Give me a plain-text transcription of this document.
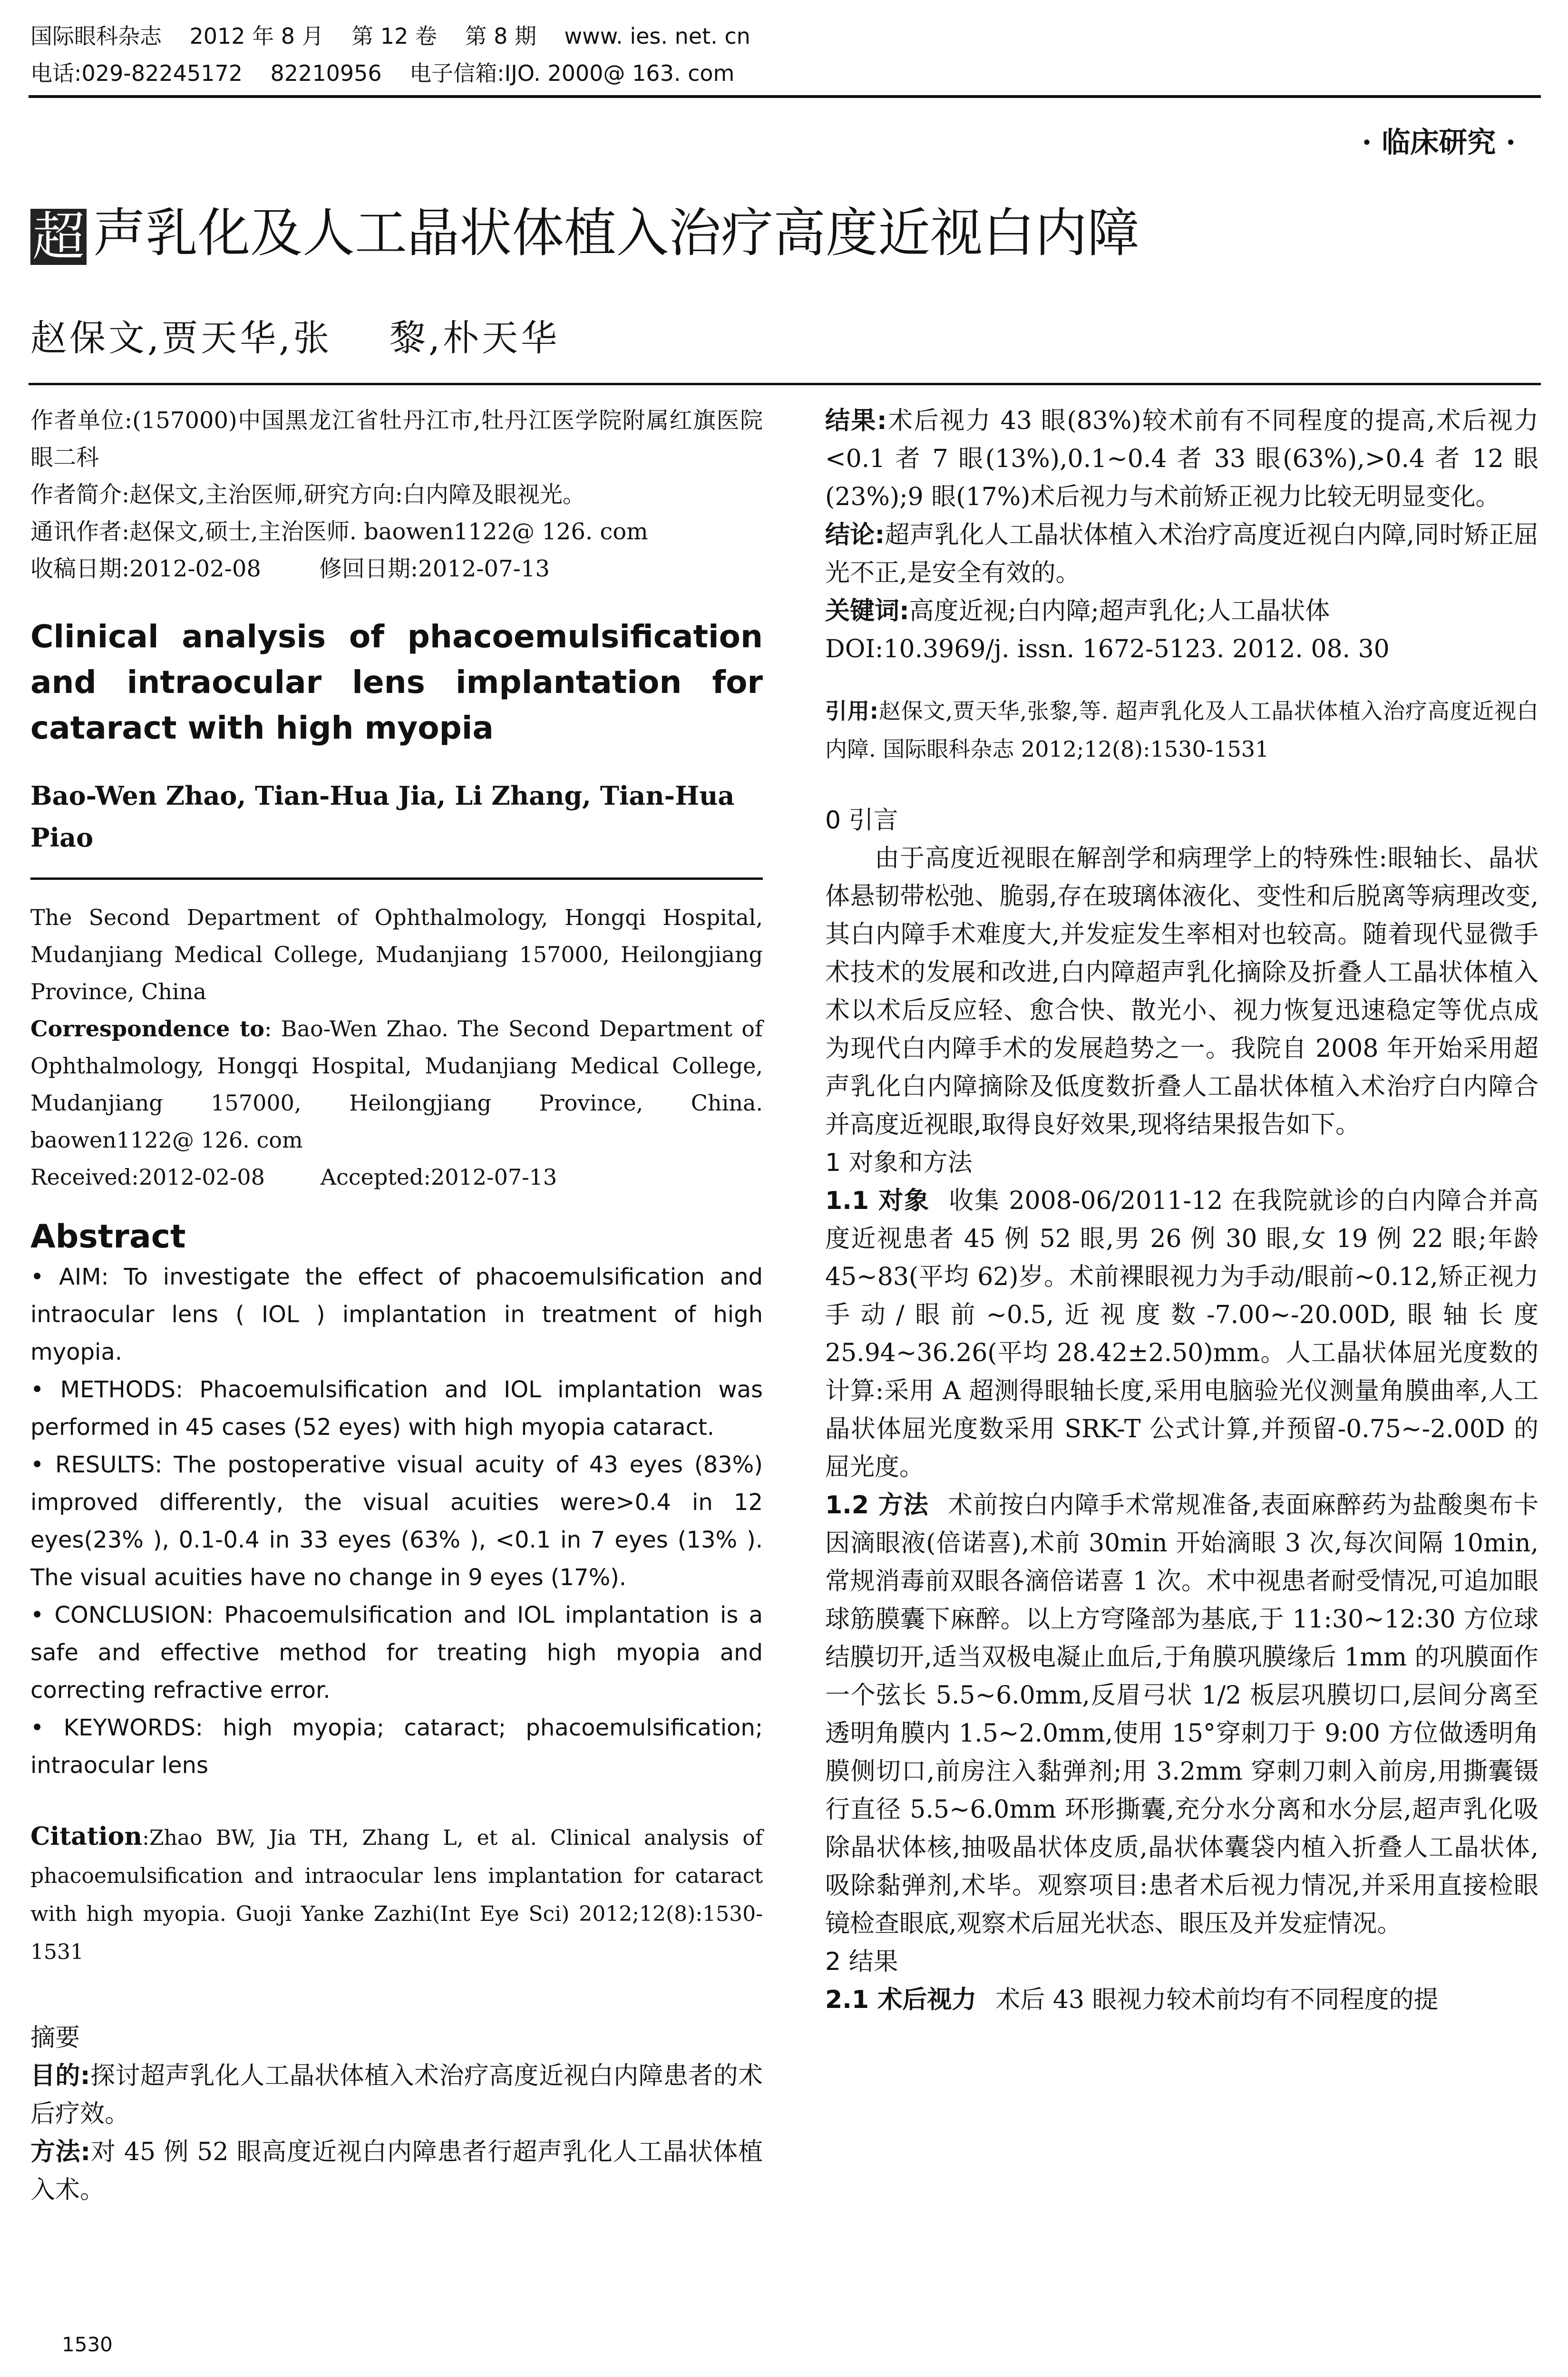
国际眼科杂志    2012 年 8 月    第 12 卷    第 8 期    www. ies. net. cn
电话:029-82245172    82210956    电子信箱:IJO. 2000@ 163. com
· 临床研究 ·
超 声乳化及人工晶状体植入治疗高度近视白内障
赵保文,贾天华,张    黎,朴天华

作者单位:(157000)中国黑龙江省牡丹江市,牡丹江医学院附属红旗医院眼二科

作者简介:赵保文,主治医师,研究方向:白内障及眼视光。

通讯作者:赵保文,硕士,主治医师. baowen1122@ 126. com

收稿日期:2012-02-08        修回日期:2012-07-13

Clinical analysis of phacoemulsification and intraocular lens implantation for cataract with high myopia
Bao-Wen Zhao, Tian-Hua Jia, Li Zhang, Tian-Hua Piao
The Second Department of Ophthalmology, Hongqi Hospital, Mudanjiang Medical College, Mudanjiang 157000, Heilongjiang Province, China
Correspondence to: Bao-Wen Zhao. The Second Department of Ophthalmology, Hongqi Hospital, Mudanjiang Medical College, Mudanjiang 157000, Heilongjiang Province, China. baowen1122@ 126. com
Received:2012-02-08        Accepted:2012-07-13
Abstract

• AIM: To investigate the effect of phacoemulsification and intraocular lens ( IOL ) implantation in treatment of high myopia.

• METHODS: Phacoemulsification and IOL implantation was performed in 45 cases (52 eyes) with high myopia cataract.

• RESULTS: The postoperative visual acuity of 43 eyes (83%) improved differently, the visual acuities were>0.4 in 12 eyes(23% ), 0.1-0.4 in 33 eyes (63% ), <0.1 in 7 eyes (13% ). The visual acuities have no change in 9 eyes (17%).

• CONCLUSION: Phacoemulsification and IOL implantation is a safe and effective method for treating high myopia and correcting refractive error.

• KEYWORDS: high myopia; cataract; phacoemulsification; intraocular lens

Citation:Zhao BW, Jia TH, Zhang L, et al. Clinical analysis of phacoemulsification and intraocular lens implantation for cataract with high myopia. Guoji Yanke Zazhi(Int Eye Sci) 2012;12(8):1530-1531
摘要
目的:探讨超声乳化人工晶状体植入术治疗高度近视白内障患者的术后疗效。
方法:对 45 例 52 眼高度近视白内障患者行超声乳化人工晶状体植入术。
1530
结果:术后视力 43 眼(83%)较术前有不同程度的提高,术后视力<0.1 者 7 眼(13%),0.1~0.4 者 33 眼(63%),>0.4 者 12 眼(23%);9 眼(17%)术后视力与术前矫正视力比较无明显变化。
结论:超声乳化人工晶状体植入术治疗高度近视白内障,同时矫正屈光不正,是安全有效的。
关键词:高度近视;白内障;超声乳化;人工晶状体
DOI:10.3969/j. issn. 1672-5123. 2012. 08. 30
引用:赵保文,贾天华,张黎,等. 超声乳化及人工晶状体植入治疗高度近视白内障. 国际眼科杂志 2012;12(8):1530-1531
0 引言

由于高度近视眼在解剖学和病理学上的特殊性:眼轴长、晶状体悬韧带松弛、脆弱,存在玻璃体液化、变性和后脱离等病理改变,其白内障手术难度大,并发症发生率相对也较高。随着现代显微手术技术的发展和改进,白内障超声乳化摘除及折叠人工晶状体植入术以术后反应轻、愈合快、散光小、视力恢复迅速稳定等优点成为现代白内障手术的发展趋势之一。我院自 2008 年开始采用超声乳化白内障摘除及低度数折叠人工晶状体植入术治疗白内障合并高度近视眼,取得良好效果,现将结果报告如下。

1 对象和方法

1.1 对象 收集 2008-06/2011-12 在我院就诊的白内障合并高度近视患者 45 例 52 眼,男 26 例 30 眼,女 19 例 22 眼;年龄 45~83(平均 62)岁。术前裸眼视力为手动/眼前~0.12,矫正视力手动/眼前~0.5,近视度数-7.00~-20.00D,眼轴长度 25.94~36.26(平均 28.42±2.50)mm。人工晶状体屈光度数的计算:采用 A 超测得眼轴长度,采用电脑验光仪测量角膜曲率,人工晶状体屈光度数采用 SRK-T 公式计算,并预留-0.75~-2.00D 的屈光度。

1.2 方法 术前按白内障手术常规准备,表面麻醉药为盐酸奥布卡因滴眼液(倍诺喜),术前 30min 开始滴眼 3 次,每次间隔 10min,常规消毒前双眼各滴倍诺喜 1 次。术中视患者耐受情况,可追加眼球筋膜囊下麻醉。以上方穹隆部为基底,于 11:30~12:30 方位球结膜切开,适当双极电凝止血后,于角膜巩膜缘后 1mm 的巩膜面作一个弦长 5.5~6.0mm,反眉弓状 1/2 板层巩膜切口,层间分离至透明角膜内 1.5~2.0mm,使用 15°穿刺刀于 9:00 方位做透明角膜侧切口,前房注入黏弹剂;用 3.2mm 穿刺刀刺入前房,用撕囊镊行直径 5.5~6.0mm 环形撕囊,充分水分离和水分层,超声乳化吸除晶状体核,抽吸晶状体皮质,晶状体囊袋内植入折叠人工晶状体,吸除黏弹剂,术毕。观察项目:患者术后视力情况,并采用直接检眼镜检查眼底,观察术后屈光状态、眼压及并发症情况。

2 结果

2.1 术后视力 术后 43 眼视力较术前均有不同程度的提
